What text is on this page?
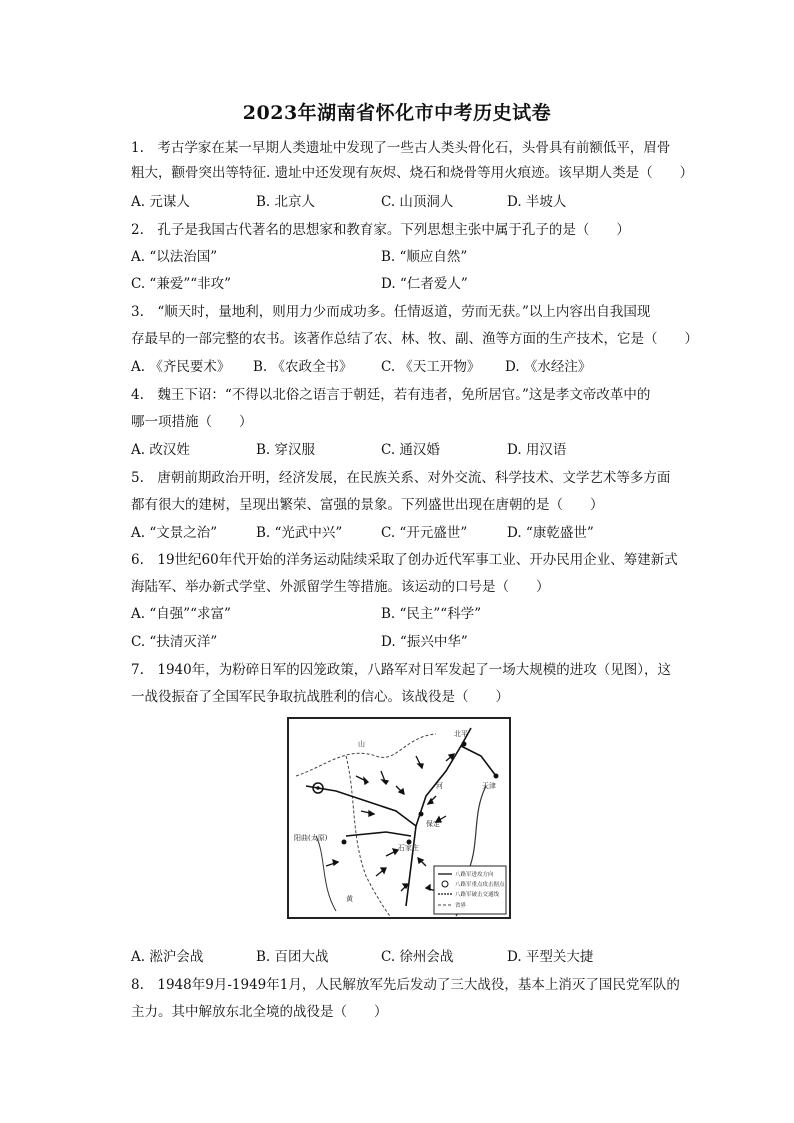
2023年湖南省怀化市中考历史试卷
1.　考古学家在某一早期人类遗址中发现了一些古人类头骨化石，头骨具有前额低平，眉骨
粗大，颧骨突出等特征. 遗址中还发现有灰烬、烧石和烧骨等用火痕迹。该早期人类是（　　）
A. 元谋人	B. 北京人	C. 山顶洞人	D. 半坡人
2.　孔子是我国古代著名的思想家和教育家。下列思想主张中属于孔子的是（　　）
A. “以法治国”	B. “顺应自然”
C. “兼爱”“非攻”	D. “仁者爱人”
3.　“顺天时，量地利，则用力少而成功多。任情返道，劳而无获。”以上内容出自我国现
存最早的一部完整的农书。该著作总结了农、林、牧、副、渔等方面的生产技术，它是（　　）
A. 《齐民要术》 B. 《农政全书》 C. 《天工开物》 D. 《水经注》
4.　魏王下诏：“不得以北俗之语言于朝廷，若有违者，免所居官。”这是孝文帝改革中的
哪一项措施（　　）
A. 改汉姓	B. 穿汉服	C. 通汉婚	D. 用汉语
5.　唐朝前期政治开明，经济发展，在民族关系、对外交流、科学技术、文学艺术等多方面
都有很大的建树，呈现出繁荣、富强的景象。下列盛世出现在唐朝的是（　　）
A. “文景之治”	B. “光武中兴”	C. “开元盛世”	D. “康乾盛世”
6.　19世纪60年代开始的洋务运动陆续采取了创办近代军事工业、开办民用企业、筹建新式
海陆军、举办新式学堂、外派留学生等措施。该运动的口号是（　　）
A. “自强”“求富”	B. “民主”“科学”
C. “扶清灭洋”	D. “振兴中华”
7.　1940年，为粉碎日军的囚笼政策，八路军对日军发起了一场大规模的进攻（见图），这
一战役振奋了全国军民争取抗战胜利的信心。该战役是（　　）
山
保定
石家庄
阳曲(太原)
北平
天津
河
黄
八路军进攻方向
八路军重点攻击据点
八路军破击交通线
省界
A. 淞沪会战	B. 百团大战	C. 徐州会战	D. 平型关大捷
8.　1948年9月-1949年1月，人民解放军先后发动了三大战役，基本上消灭了国民党军队的
主力。其中解放东北全境的战役是（　　）
